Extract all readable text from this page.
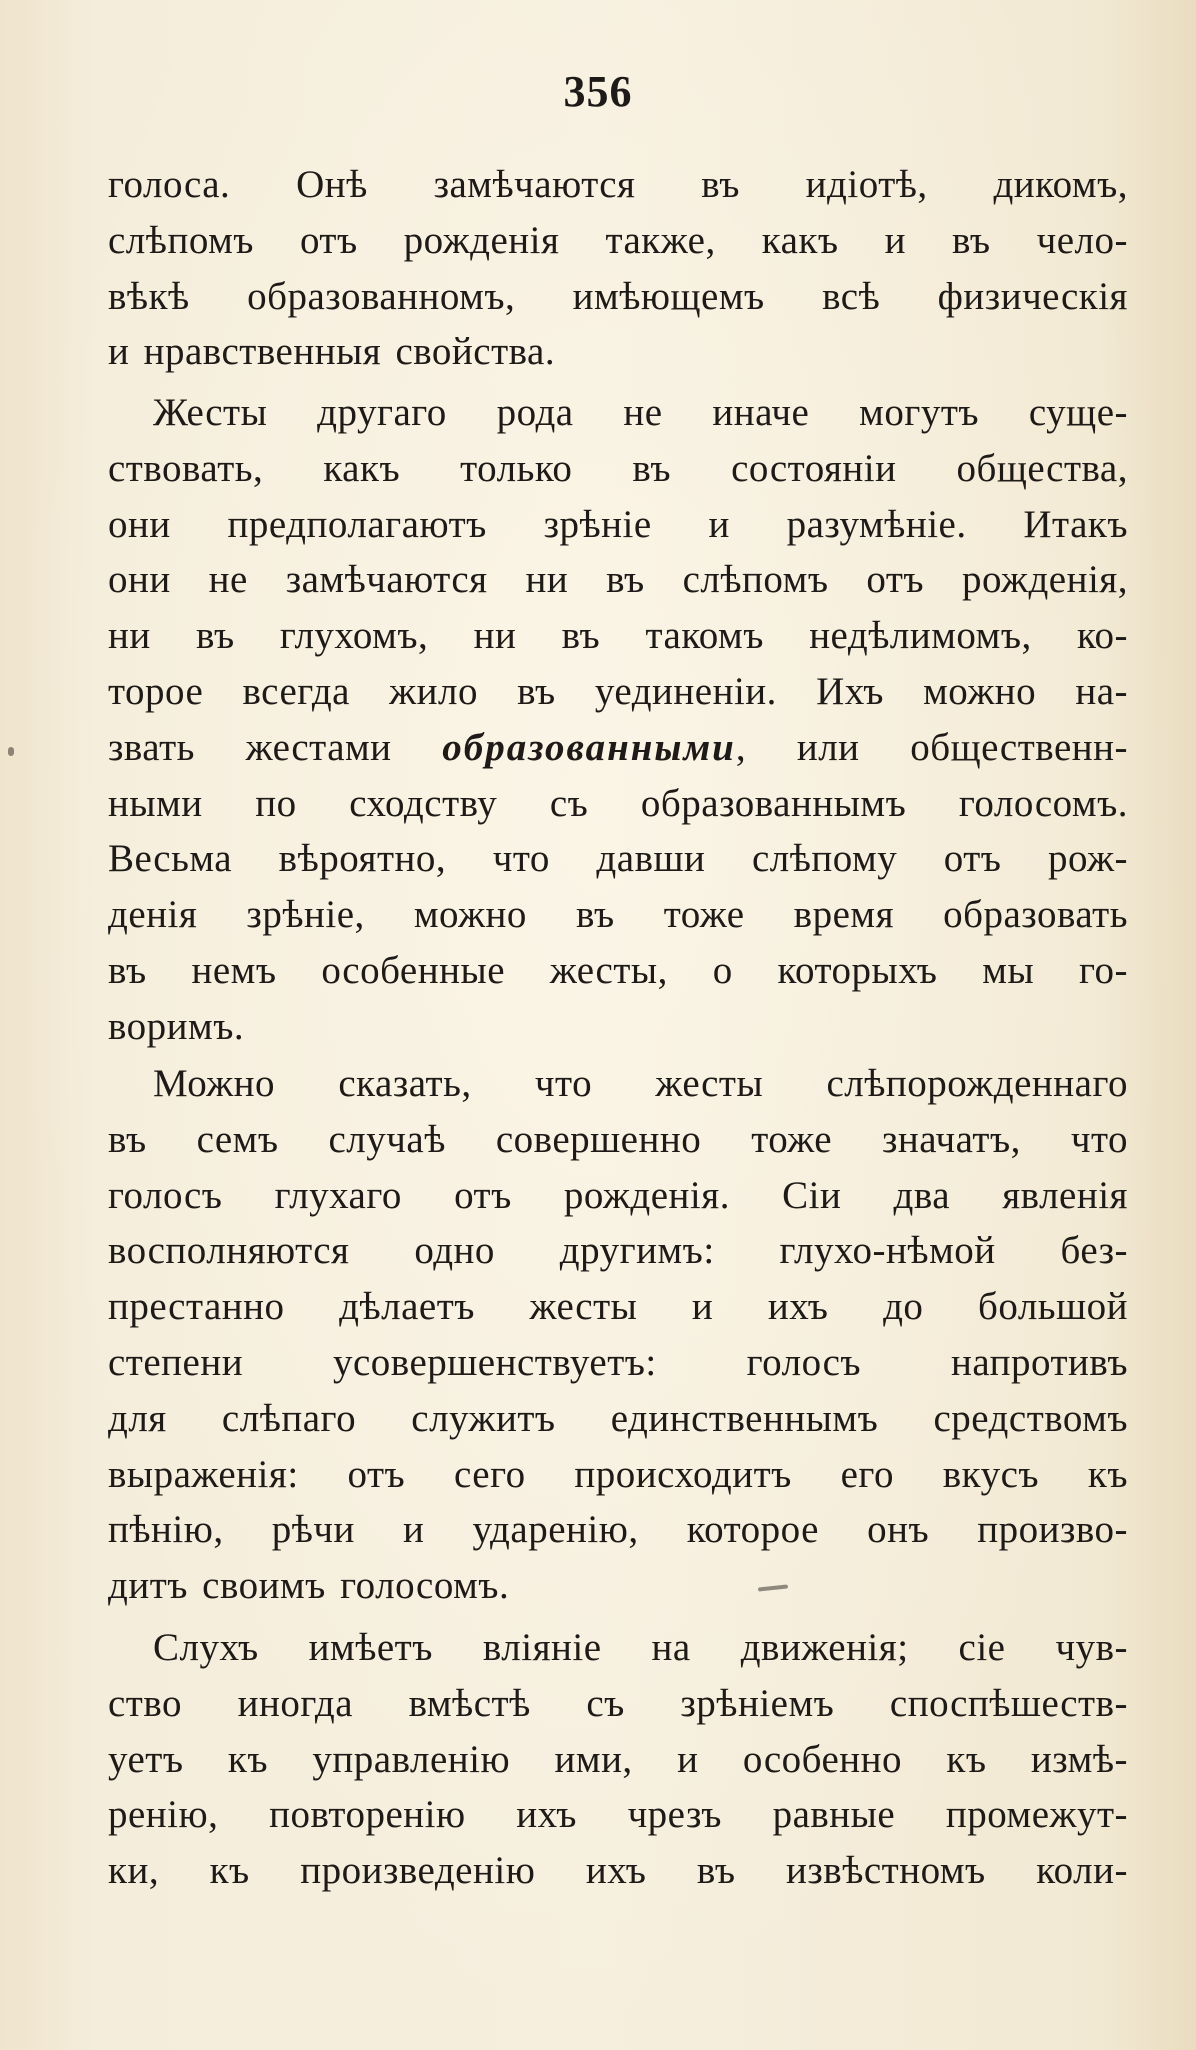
356
голоса. Онѣ замѣчаются въ идіотѣ, дикомъ,
слѣпомъ отъ рожденія также, какъ и въ чело-
вѣкѣ образованномъ, имѣющемъ всѣ физическія
и нравственныя свойства.
Жесты другаго рода не иначе могутъ суще-
ствовать, какъ только въ состояніи общества,
они предполагаютъ зрѣніе и разумѣніе. Итакъ
они не замѣчаются ни въ слѣпомъ отъ рожденія,
ни въ глухомъ, ни въ такомъ недѣлимомъ, ко-
торое всегда жило въ уединеніи. Ихъ можно на-
звать жестами образованными, или общественн-
ными по сходству съ образованнымъ голосомъ.
Весьма вѣроятно, что давши слѣпому отъ рож-
денія зрѣніе, можно въ тоже время образовать
въ немъ особенные жесты, о которыхъ мы го-
воримъ.
Можно сказать, что жесты слѣпорожденнаго
въ семъ случаѣ совершенно тоже значатъ, что
голосъ глухаго отъ рожденія. Сіи два явленія
восполняются одно другимъ: глухо-нѣмой без-
престанно дѣлаетъ жесты и ихъ до большой
степени усовершенствуетъ: голосъ напротивъ
для слѣпаго служитъ единственнымъ средствомъ
выраженія: отъ сего происходитъ его вкусъ къ
пѣнію, рѣчи и ударенію, которое онъ произво-
дитъ своимъ голосомъ.
Слухъ имѣетъ вліяніе на движенія; сіе чув-
ство иногда вмѣстѣ съ зрѣніемъ споспѣшеств-
уетъ къ управленію ими, и особенно къ измѣ-
ренію, повторенію ихъ чрезъ равные промежут-
ки, къ произведенію ихъ въ извѣстномъ коли-
